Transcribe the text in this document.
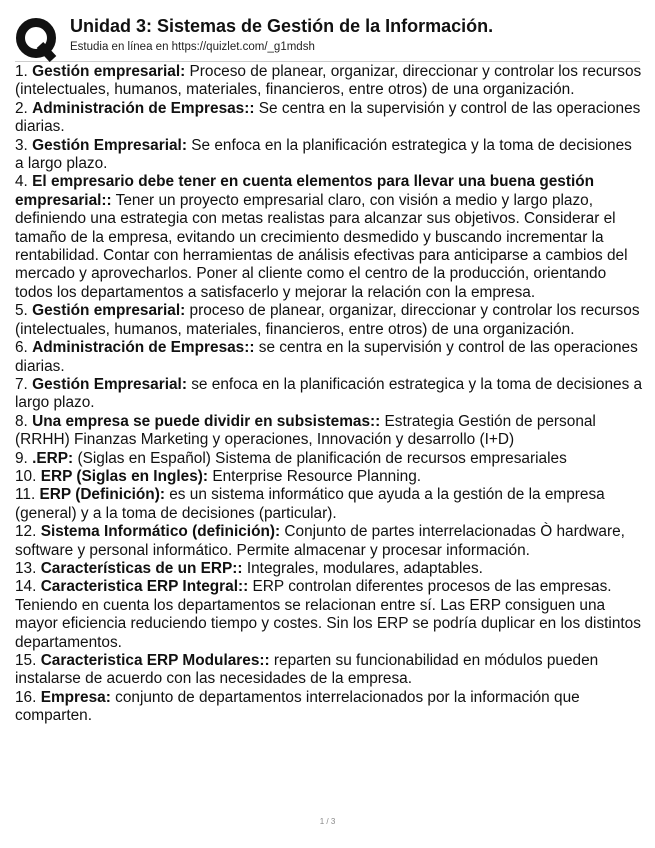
Unidad 3: Sistemas de Gestión de la Información.
Estudia en línea en https://quizlet.com/_g1mdsh

1. Gestión empresarial: Proceso de planear, organizar, direccionar y controlar los recursos (intelectuales, humanos, materiales, financieros, entre otros) de una organización.

2. Administración de Empresas:: Se centra en la supervisión y control de las operaciones diarias.

3. Gestión Empresarial: Se enfoca en la planificación estrategica y la toma de decisiones a largo plazo.

4. El empresario debe tener en cuenta elementos para llevar una buena gestión empresarial:: Tener un proyecto empresarial claro, con visión a medio y largo plazo, definiendo una estrategia con metas realistas para alcanzar sus objetivos. Considerar el tamaño de la empresa, evitando un crecimiento desmedido y buscando incrementar la rentabilidad. Contar con herramientas de análisis efectivas para anticiparse a cambios del mercado y aprovecharlos. Poner al cliente como el centro de la producción, orientando todos los departamentos a satisfacerlo y mejorar la relación con la empresa.

5. Gestión empresarial: proceso de planear, organizar, direccionar y controlar los recursos (intelectuales, humanos, materiales, financieros, entre otros) de una organización.

6. Administración de Empresas:: se centra en la supervisión y control de las operaciones diarias.

7. Gestión Empresarial: se enfoca en la planificación estrategica y la toma de decisiones a largo plazo.

8. Una empresa se puede dividir en subsistemas:: Estrategia Gestión de personal (RRHH) Finanzas Marketing y operaciones, Innovación y desarrollo (I+D)

9. .ERP: (Siglas en Español) Sistema de planificación de recursos empresariales

10. ERP (Siglas en Ingles): Enterprise Resource Planning.

11. ERP (Definición): es un sistema informático que ayuda a la gestión de la empresa (general) y a la toma de decisiones (particular).

12. Sistema Informático (definición): Conjunto de partes interrelacionadas Ò hardware, software y personal informático. Permite almacenar y procesar información.

13. Características de un ERP:: Integrales, modulares, adaptables.

14. Caracteristica ERP Integral:: ERP controlan diferentes procesos de las empresas. Teniendo en cuenta los departamentos se relacionan entre sí. Las ERP consiguen una mayor eficiencia reduciendo tiempo y costes. Sin los ERP se podría duplicar en los distintos departamentos.

15. Caracteristica ERP Modulares:: reparten su funcionabilidad en módulos pueden instalarse de acuerdo con las necesidades de la empresa.

16. Empresa: conjunto de departamentos interrelacionados por la información que comparten.

1 / 3
